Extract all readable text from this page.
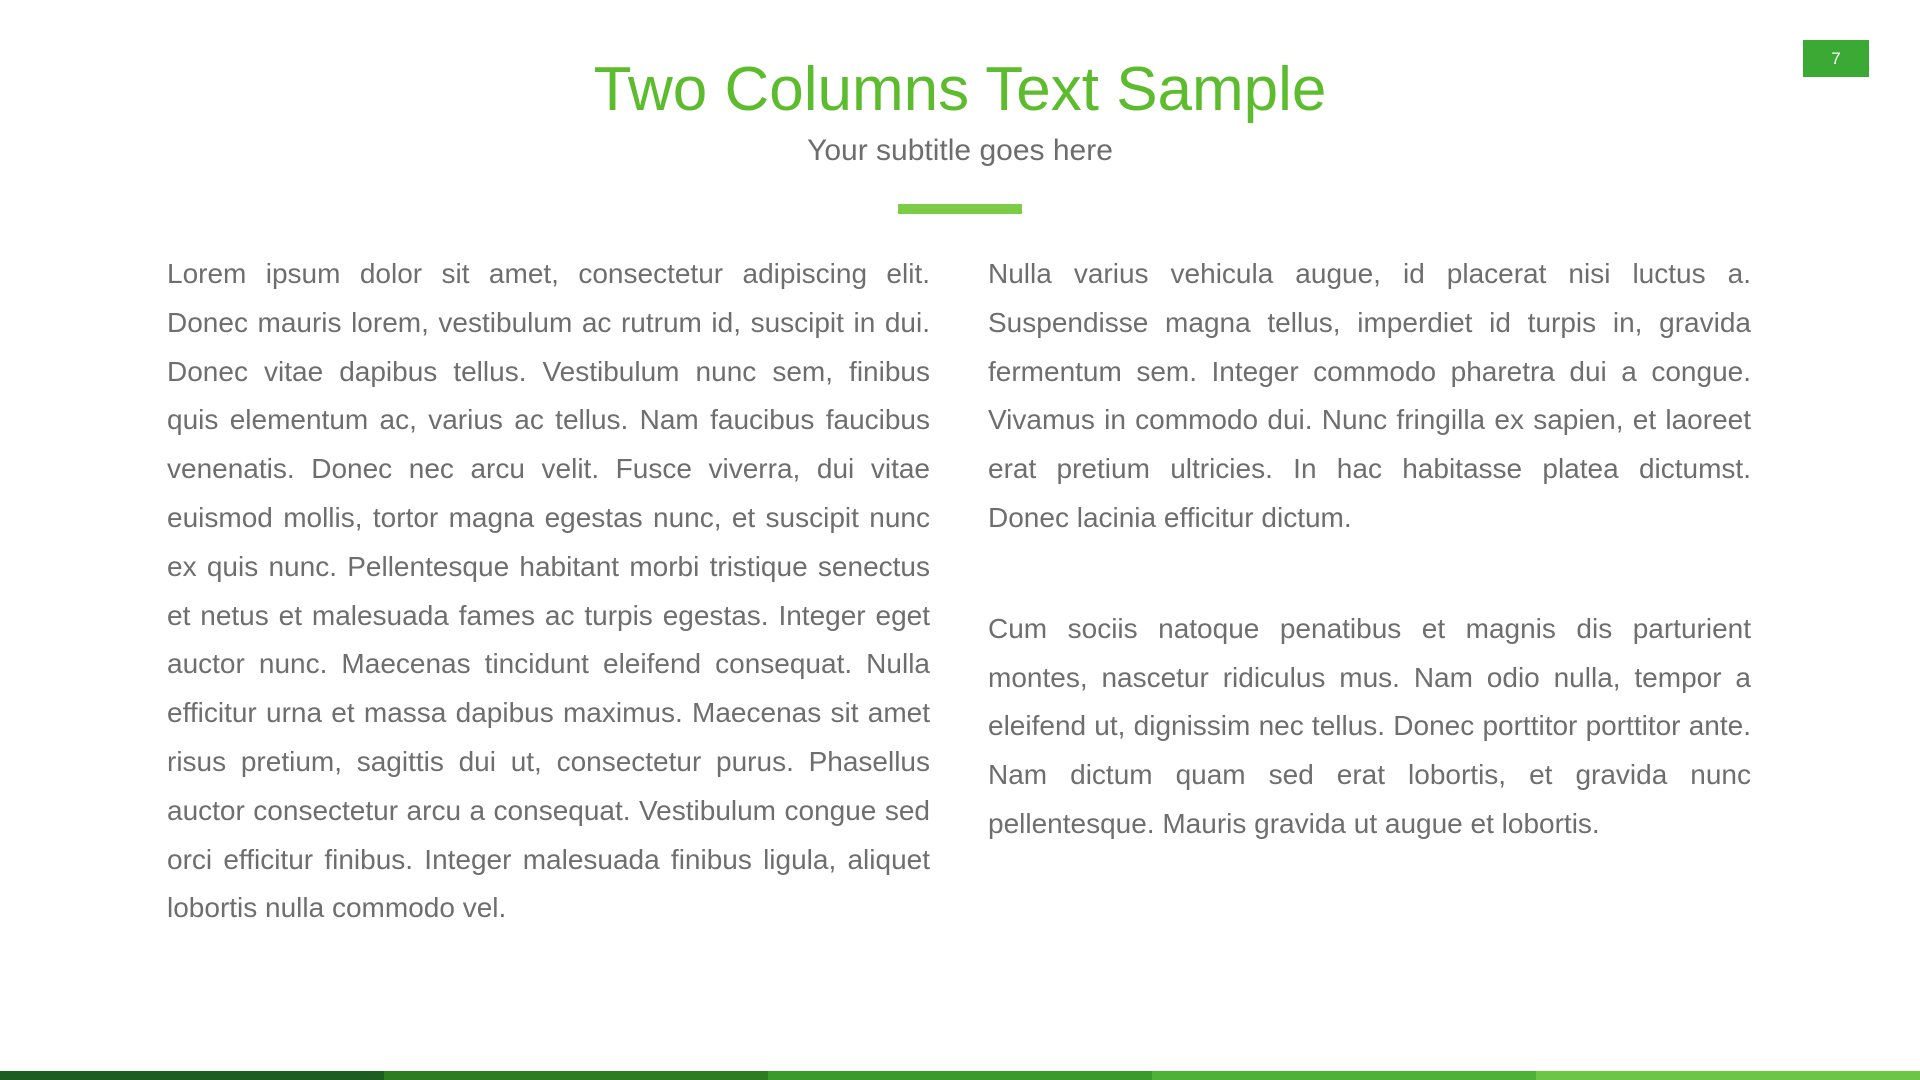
7
Two Columns Text Sample
Your subtitle goes here

Lorem ipsum dolor sit amet, consectetur adipiscing elit. Donec mauris lorem, vestibulum ac rutrum id, suscipit in dui. Donec vitae dapibus tellus. Vestibulum nunc sem, finibus quis elementum ac, varius ac tellus. Nam faucibus faucibus venenatis. Donec nec arcu velit. Fusce viverra, dui vitae euismod mollis, tortor magna egestas nunc, et suscipit nunc ex quis nunc. Pellentesque habitant morbi tristique senectus et netus et malesuada fames ac turpis egestas. Integer eget auctor nunc. Maecenas tincidunt eleifend consequat. Nulla efficitur urna et massa dapibus maximus. Maecenas sit amet risus pretium, sagittis dui ut, consectetur purus. Phasellus auctor consectetur arcu a consequat. Vestibulum congue sed orci efficitur finibus. Integer malesuada finibus ligula, aliquet lobortis nulla commodo vel.

Nulla varius vehicula augue, id placerat nisi luctus a. Suspendisse magna tellus, imperdiet id turpis in, gravida fermentum sem. Integer commodo pharetra dui a congue. Vivamus in commodo dui. Nunc fringilla ex sapien, et laoreet erat pretium ultricies. In hac habitasse platea dictumst. Donec lacinia efficitur dictum.

Cum sociis natoque penatibus et magnis dis parturient montes, nascetur ridiculus mus. Nam odio nulla, tempor a eleifend ut, dignissim nec tellus. Donec porttitor porttitor ante. Nam dictum quam sed erat lobortis, et gravida nunc pellentesque. Mauris gravida ut augue et lobortis.
